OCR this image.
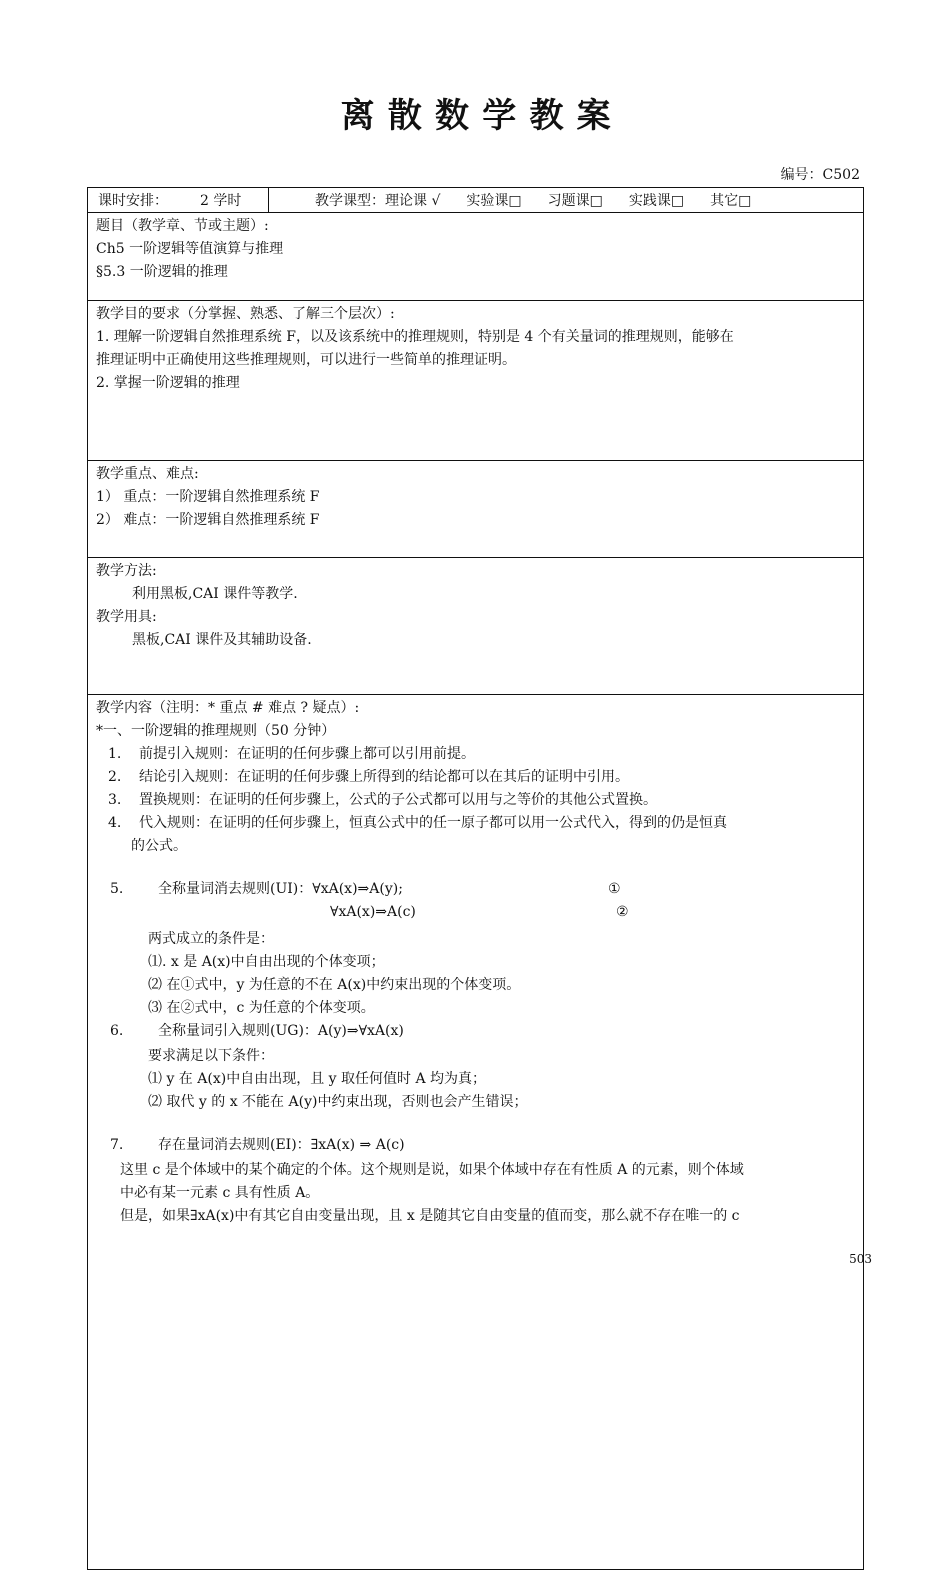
离 散 数 学 教 案
编号：C502
课时安排： 2 学时	教学课型： 理论课 √ 实验课□ 习题课□ 实践课□ 其它□
题目（教学章、节或主题）:
Ch5 一阶逻辑等值演算与推理
§5.3 一阶逻辑的推理
教学目的要求（分掌握、熟悉、了解三个层次）:
1. 理解一阶逻辑自然推理系统 F，以及该系统中的推理规则，特别是 4 个有关量词的推理规则，能够在
推理证明中正确使用这些推理规则，可以进行一些简单的推理证明。
2. 掌握一阶逻辑的推理
教学重点、难点:
1） 重点：一阶逻辑自然推理系统 F
2） 难点：一阶逻辑自然推理系统 F
教学方法:
利用黑板,CAI 课件等教学.
教学用具:
黑板,CAI 课件及其辅助设备.
教学内容（注明：* 重点 # 难点 ? 疑点）:
*一、一阶逻辑的推理规则（50 分钟）
1.	前提引入规则：在证明的任何步骤上都可以引用前提。
2.	结论引入规则：在证明的任何步骤上所得到的结论都可以在其后的证明中引用。
3.	置换规则：在证明的任何步骤上，公式的子公式都可以用与之等价的其他公式置换。
4.	代入规则：在证明的任何步骤上，恒真公式中的任一原子都可以用一公式代入，得到的仍是恒真
的公式。
5. 全称量词消去规则(UI)：∀xA(x)⇒A(y);	①
∀xA(x)⇒A(c)	②
两式成立的条件是：
⑴. x 是 A(x)中自由出现的个体变项；
⑵ 在①式中，y 为任意的不在 A(x)中约束出现的个体变项。
⑶ 在②式中，c 为任意的个体变项。
6. 全称量词引入规则(UG)：A(y)⇒∀xA(x)
要求满足以下条件：
⑴ y 在 A(x)中自由出现，且 y 取任何值时 A 均为真；
⑵ 取代 y 的 x 不能在 A(y)中约束出现，否则也会产生错误；
7. 存在量词消去规则(EI)：∃xA(x) ⇒ A(c)
这里 c 是个体域中的某个确定的个体。这个规则是说，如果个体域中存在有性质 A 的元素，则个体域
中必有某一元素 c 具有性质 A。
但是，如果∃xA(x)中有其它自由变量出现，且 x 是随其它自由变量的值而变，那么就不存在唯一的 c
503
